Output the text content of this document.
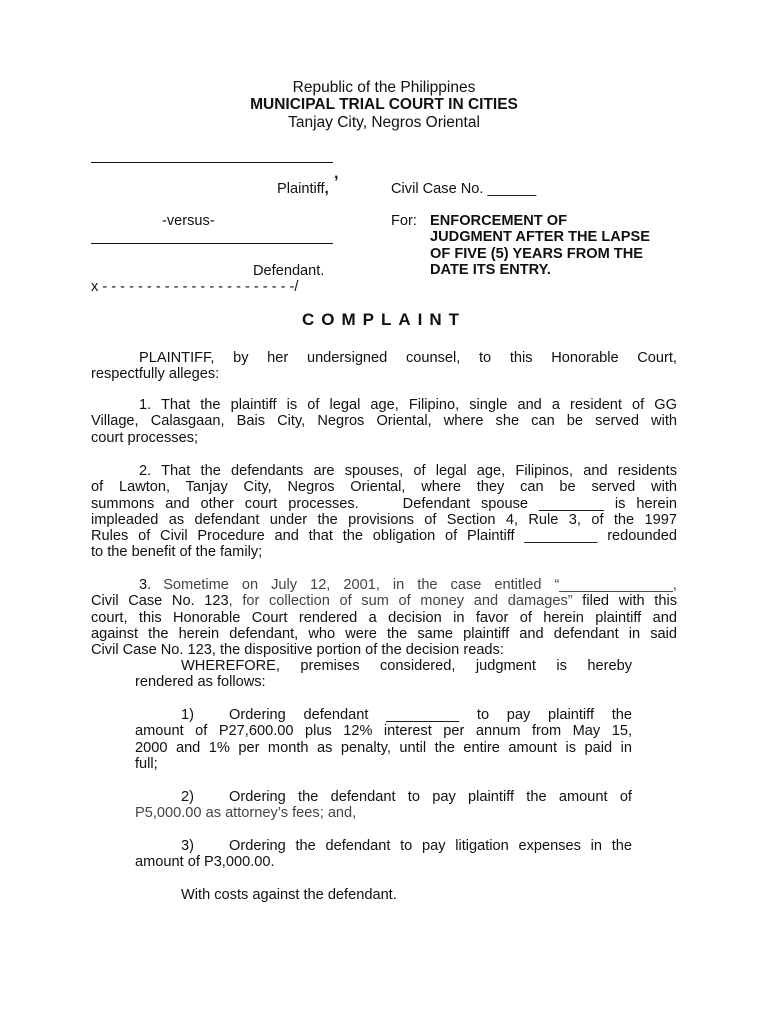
Republic of the Philippines
MUNICIPAL TRIAL COURT IN CITIES
Tanjay City, Negros Oriental
,
Plaintiff,
-versus-
Defendant.
x - - - - - - - - - - - - - - - - - - - - - -/
Civil Case No. ______
For: ENFORCEMENT OF
JUDGMENT AFTER THE LAPSE
OF FIVE (5) YEARS FROM THE
DATE ITS ENTRY.
COMPLAINT
PLAINTIFF, by her undersigned counsel, to this Honorable Court,
respectfully alleges:
1. That the plaintiff is of legal age, Filipino, single and a resident of GG
Village, Calasgaan, Bais City, Negros Oriental, where she can be served with
court processes;
2. That the defendants are spouses, of legal age, Filipinos, and residents
of Lawton, Tanjay City, Negros Oriental, where they can be served with
summons and other court processes.    Defendant spouse ________ is herein
impleaded as defendant under the provisions of Section 4, Rule 3, of the 1997
Rules of Civil Procedure and that the obligation of Plaintiff _________ redounded
to the benefit of the family;
3. Sometime on July 12, 2001, in the case entitled “______________,
Civil Case No. 123, for collection of sum of money and damages” filed with this
court, this Honorable Court rendered a decision in favor of herein plaintiff and
against the herein defendant, who were the same plaintiff and defendant in said
Civil Case No. 123, the dispositive portion of the decision reads:
WHEREFORE, premises considered, judgment is hereby
rendered as follows:
1) Ordering defendant _________ to pay plaintiff the
amount of P27,600.00 plus 12% interest per annum from May 15,
2000 and 1% per month as penalty, until the entire amount is paid in
full;
2) Ordering the defendant to pay plaintiff the amount of
P5,000.00 as attorney’s fees; and,
3) Ordering the defendant to pay litigation expenses in the
amount of P3,000.00.
With costs against the defendant.
